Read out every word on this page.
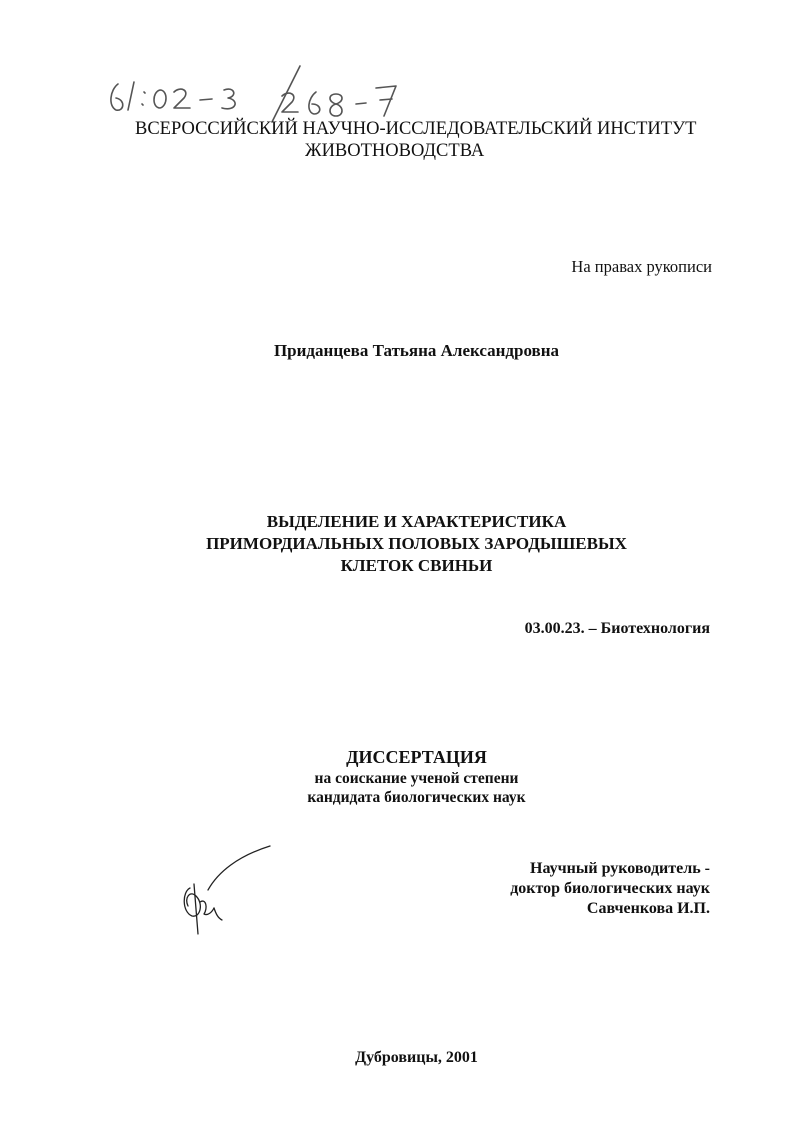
ВСЕРОССИЙСКИЙ НАУЧНО-ИССЛЕДОВАТЕЛЬСКИЙ ИНСТИТУТ
ЖИВОТНОВОДСТВА
На правах рукописи
Приданцева Татьяна Александровна
ВЫДЕЛЕНИЕ И ХАРАКТЕРИСТИКА
ПРИМОРДИАЛЬНЫХ ПОЛОВЫХ ЗАРОДЫШЕВЫХ
КЛЕТОК СВИНЬИ
03.00.23. – Биотехнология
ДИССЕРТАЦИЯ
на соискание ученой степени
кандидата биологических наук
Научный руководитель -
доктор биологических наук
Савченкова И.П.
Дубровицы, 2001
